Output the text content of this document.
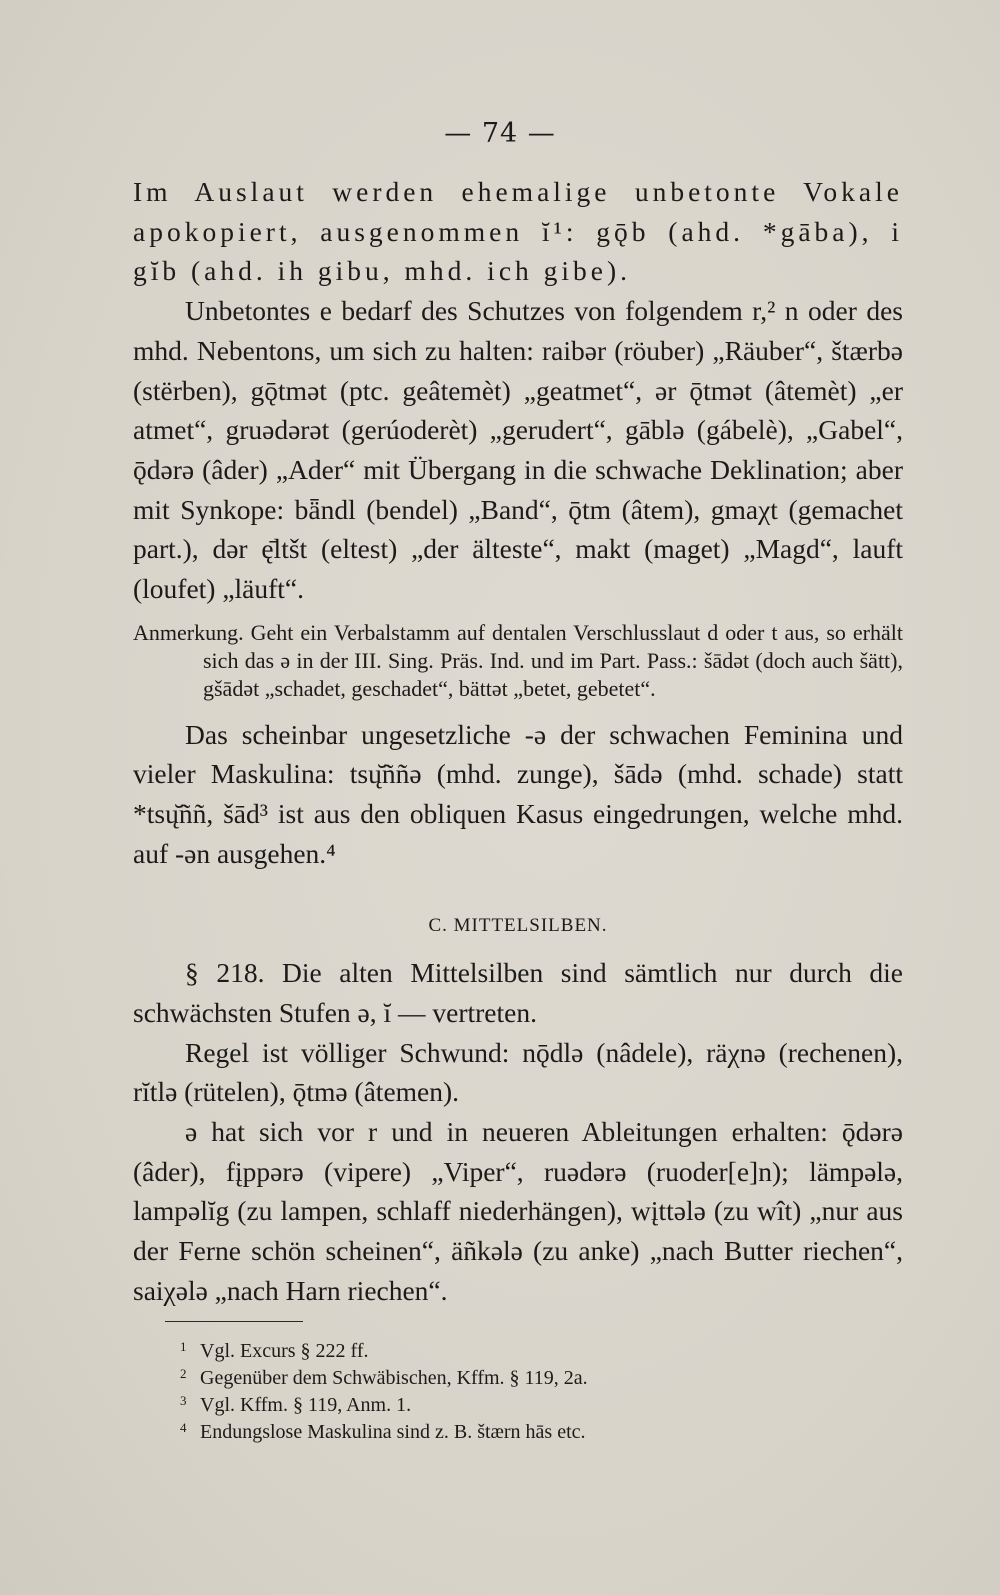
— 74 —

Im Auslaut werden ehemalige unbetonte Vokale apokopiert, ausgenommen ĭ¹: gǭb (ahd. *gāba), i gĭb (ahd. ih gibu, mhd. ich gibe).

Unbetontes e bedarf des Schutzes von folgendem r,² n oder des mhd. Nebentons, um sich zu halten: raibər (röuber) „Räuber“, štærbə (stërben), gǭtmət (ptc. geâtemèt) „geatmet“, ər ǭtmət (âtemèt) „er atmet“, gruədərət (gerúoderèt) „gerudert“, gāblə (gábelè), „Gabel“, ǭdərə (âder) „Ader“ mit Übergang in die schwache Deklination; aber mit Synkope: bǟndl (bendel) „Band“, ǭtm (âtem), gmaχt (gemachet part.), dər ę̄ltšt (eltest) „der älteste“, makt (maget) „Magd“, lauft (loufet) „läuft“.

Anmerkung. Geht ein Verbalstamm auf dentalen Verschlusslaut d oder t aus, so erhält sich das ə in der III. Sing. Präs. Ind. und im Part. Pass.: šādət (doch auch šätt), gšādət „schadet, geschadet“, bättət „betet, gebetet“.

Das scheinbar ungesetzliche -ə der schwachen Feminina und vieler Maskulina: tsų̆ññə (mhd. zunge), šādə (mhd. schade) statt *tsų̆ññ, šād³ ist aus den obliquen Kasus eingedrungen, welche mhd. auf -ən ausgehen.⁴

C. MITTELSILBEN.

§ 218. Die alten Mittelsilben sind sämtlich nur durch die schwächsten Stufen ə, ĭ — vertreten.

Regel ist völliger Schwund: nǭdlə (nâdele), räχnə (rechenen), rĭtlə (rütelen), ǭtmə (âtemen).

ə hat sich vor r und in neueren Ableitungen erhalten: ǭdərə (âder), fįppərə (vipere) „Viper“, ruədərə (ruoder[e]n); lämpələ, lampəlĭg (zu lampen, schlaff niederhängen), wįttələ (zu wît) „nur aus der Ferne schön scheinen“, äñkələ (zu anke) „nach Butter riechen“, saiχələ „nach Harn riechen“.

1 Vgl. Excurs § 222 ff.
2 Gegenüber dem Schwäbischen, Kffm. § 119, 2a.
3 Vgl. Kffm. § 119, Anm. 1.
4 Endungslose Maskulina sind z. B. štærn hās etc.
